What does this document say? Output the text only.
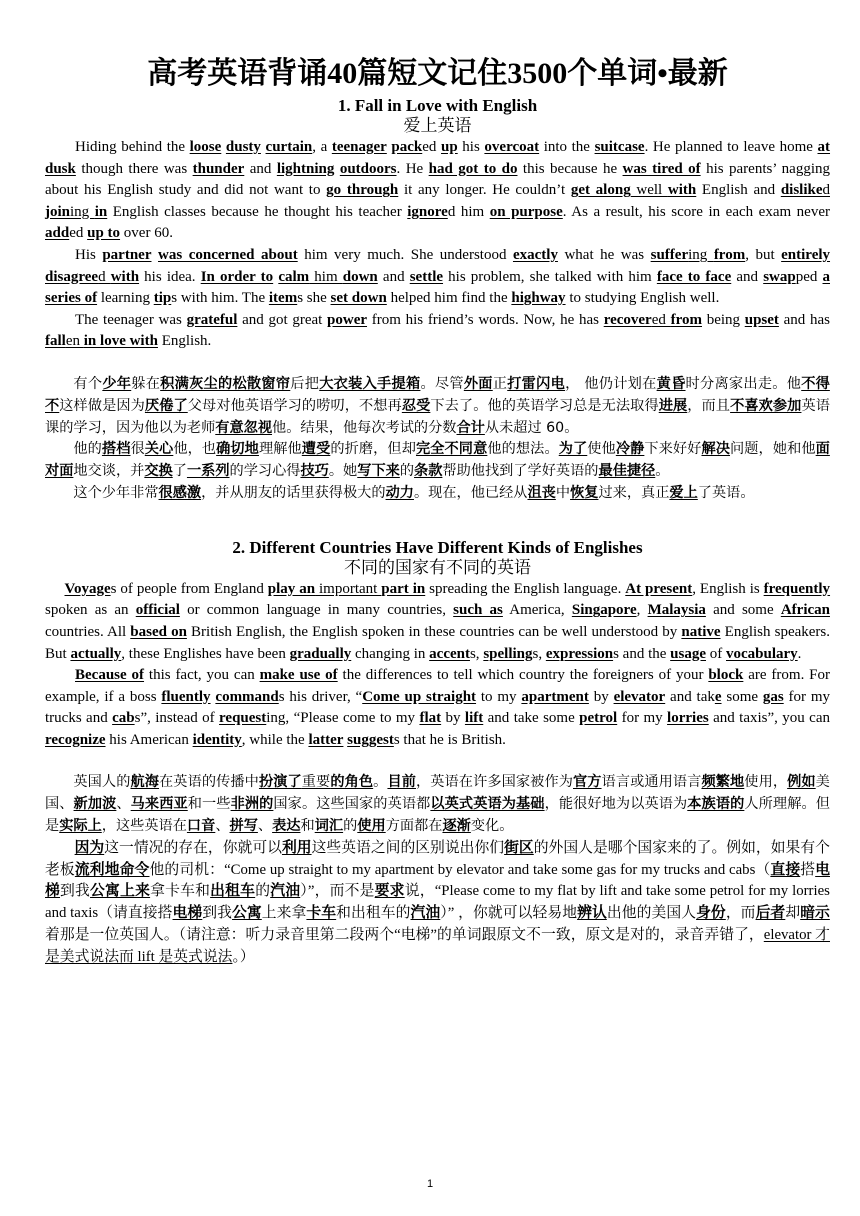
高考英语背诵40篇短文记住3500个单词•最新
1. Fall in Love with English
爱上英语

Hiding behind the loose dusty curtain, a teenager packed up his overcoat into the suitcase. He planned to leave home at dusk though there was thunder and lightning outdoors. He had got to do this because he was tired of his parents’ nagging about his English study and did not want to go through it any longer. He couldn’t get along well with English and disliked joining in English classes because he thought his teacher ignored him on purpose. As a result, his score in each exam never added up to over 60.

His partner was concerned about him very much. She understood exactly what he was suffering from, but entirely disagreed with his idea. In order to calm him down and settle his problem, she talked with him face to face and swapped a series of learning tips with him. The items she set down helped him find the highway to studying English well.

The teenager was grateful and got great power from his friend’s words. Now, he has recovered from being upset and has fallen in love with English.

有个少年躲在积满灰尘的松散窗帘后把大衣装入手提箱。尽管外面正打雷闪电， 他仍计划在黄昏时分离家出走。他不得不这样做是因为厌倦了父母对他英语学习的唠叨，不想再忍受下去了。他的英语学习总是无法取得进展，而且不喜欢参加英语课的学习，因为他以为老师有意忽视他。结果，他每次考试的分数合计从未超过 60。

他的搭档很关心他，也确切地理解他遭受的折磨，但却完全不同意他的想法。为了使他冷静下来好好解决问题，她和他面对面地交谈，并交换了一系列的学习心得技巧。她写下来的条款帮助他找到了学好英语的最佳捷径。

这个少年非常很感激，并从朋友的话里获得极大的动力。现在，他已经从沮丧中恢复过来，真正爱上了英语。

2. Different Countries Have Different Kinds of Englishes
不同的国家有不同的英语

Voyages of people from England play an important part in spreading the English language. At present, English is frequently spoken as an official or common language in many countries, such as America, Singapore, Malaysia and some African countries. All based on British English, the English spoken in these countries can be well understood by native English speakers. But actually, these Englishes have been gradually changing in accents, spellings, expressions and the usage of vocabulary.

Because of this fact, you can make use of the differences to tell which country the foreigners of your block are from. For example, if a boss fluently commands his driver, “Come up straight to my apartment by elevator and take some gas for my trucks and cabs”, instead of requesting, “Please come to my flat by lift and take some petrol for my lorries and taxis”, you can recognize his American identity, while the latter suggests that he is British.

英国人的航海在英语的传播中扮演了重要的角色。目前，英语在许多国家被作为官方语言或通用语言频繁地使用，例如美国、新加波、马来西亚和一些非洲的国家。这些国家的英语都以英式英语为基础，能很好地为以英语为本族语的人所理解。但是实际上，这些英语在口音、拼写、表达和词汇的使用方面都在逐渐变化。

因为这一情况的存在，你就可以利用这些英语之间的区别说出你们街区的外国人是哪个国家来的了。例如，如果有个老板流利地命令他的司机：“Come up straight to my apartment by elevator and take some gas for my trucks and cabs（直接搭电梯到我公寓上来拿卡车和出租车的汽油）”，而不是要求说，“Please come to my flat by lift and take some petrol for my lorries and taxis（请直接搭电梯到我公寓上来拿卡车和出租车的汽油）” ，你就可以轻易地辨认出他的美国人身份，而后者却暗示着那是一位英国人。（请注意：听力录音里第二段两个“电梯”的单词跟原文不一致，原文是对的，录音弄错了，elevator 才是美式说法而 lift 是英式说法。）

1
